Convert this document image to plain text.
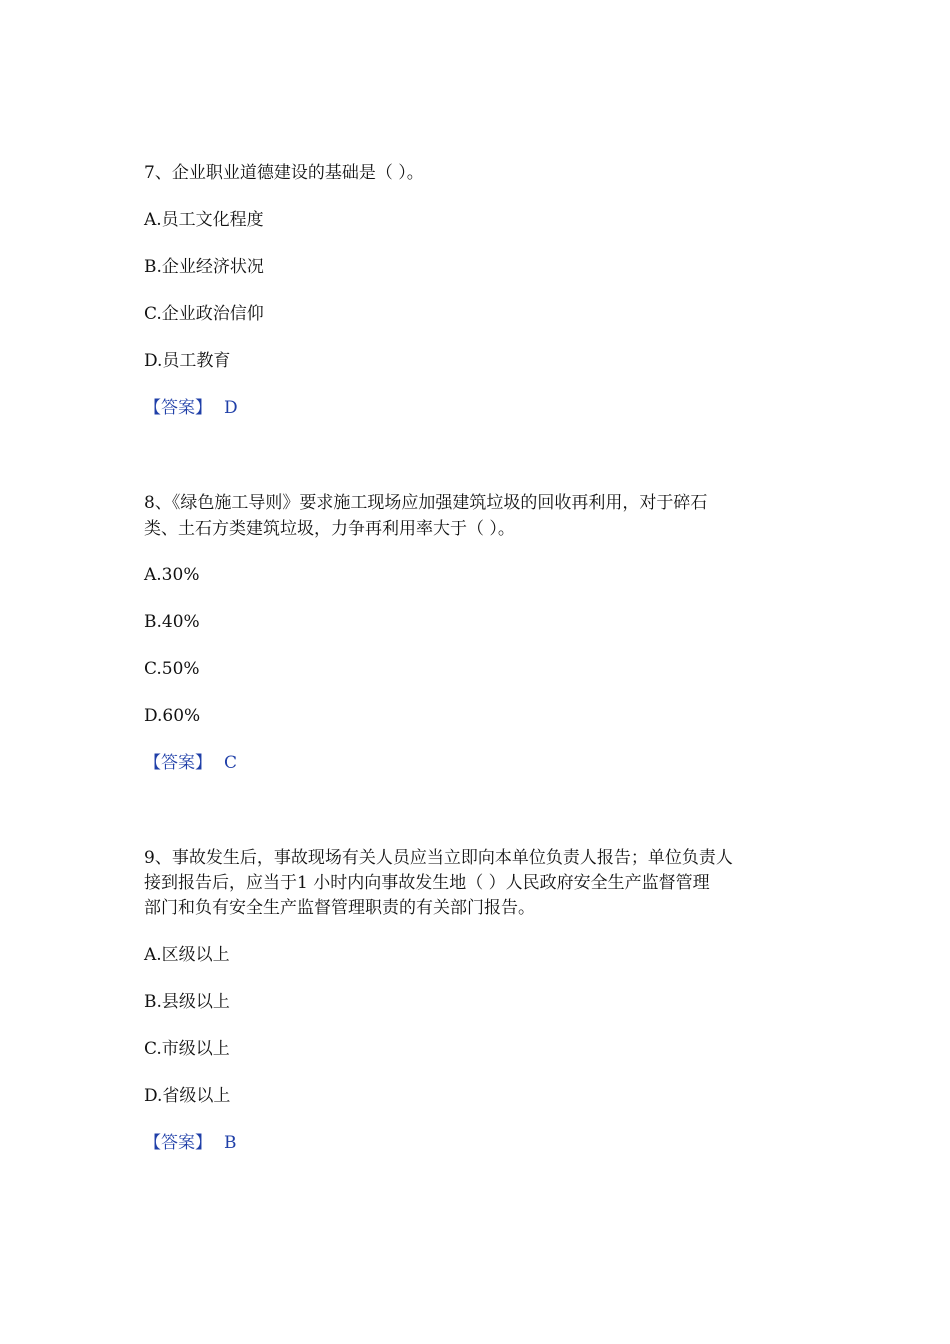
7、企业职业道德建设的基础是（ ）。
A.员工文化程度
B.企业经济状况
C.企业政治信仰
D.员工教育
【答案】 D
8、《绿色施工导则》要求施工现场应加强建筑垃圾的回收再利用，对于碎石
类、土石方类建筑垃圾，力争再利用率大于（ ）。
A.30%
B.40%
C.50%
D.60%
【答案】 C
9、事故发生后，事故现场有关人员应当立即向本单位负责人报告；单位负责人
接到报告后，应当于1 小时内向事故发生地（ ）人民政府安全生产监督管理
部门和负有安全生产监督管理职责的有关部门报告。
A.区级以上
B.县级以上
C.市级以上
D.省级以上
【答案】 B
